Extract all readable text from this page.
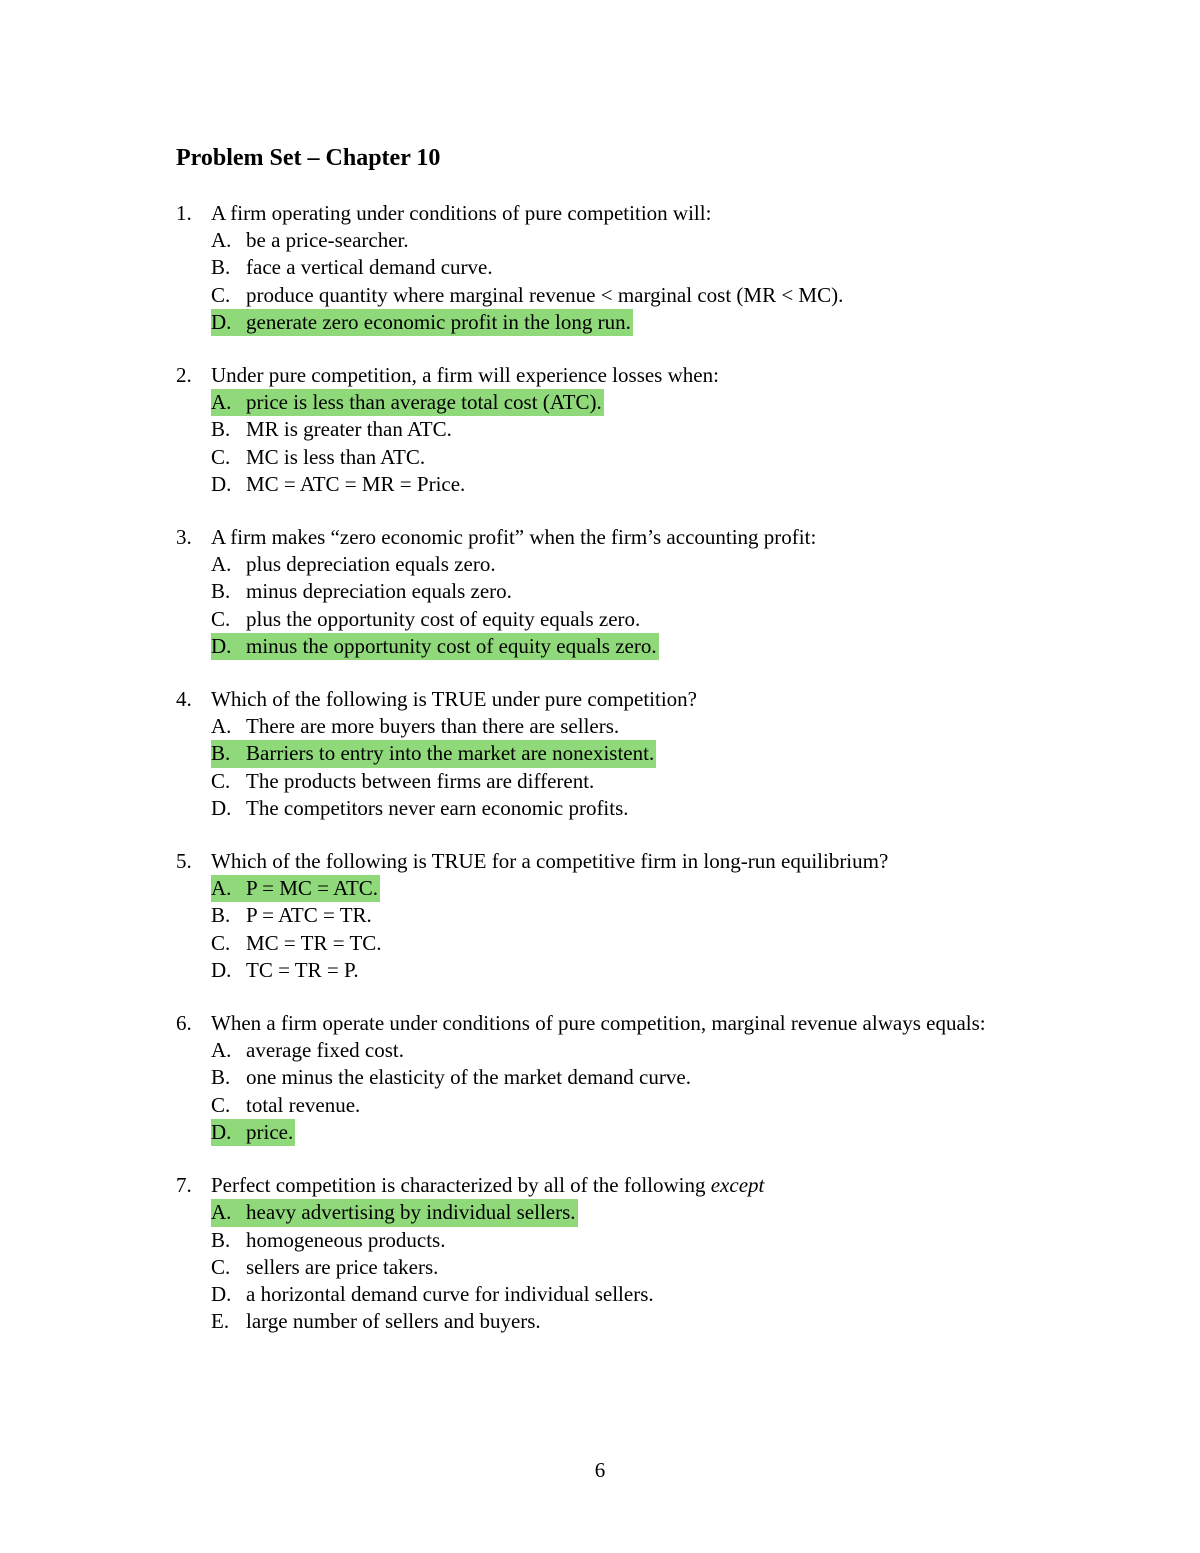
Problem Set – Chapter 10
1. A firm operating under conditions of pure competition will:
A. be a price-searcher.
B. face a vertical demand curve.
C. produce quantity where marginal revenue < marginal cost (MR < MC).
D. generate zero economic profit in the long run.
2. Under pure competition, a firm will experience losses when:
A. price is less than average total cost (ATC).
B. MR is greater than ATC.
C. MC is less than ATC.
D. MC = ATC = MR = Price.
3. A firm makes “zero economic profit” when the firm’s accounting profit:
A. plus depreciation equals zero.
B. minus depreciation equals zero.
C. plus the opportunity cost of equity equals zero.
D. minus the opportunity cost of equity equals zero.
4. Which of the following is TRUE under pure competition?
A. There are more buyers than there are sellers.
B. Barriers to entry into the market are nonexistent.
C. The products between firms are different.
D. The competitors never earn economic profits.
5. Which of the following is TRUE for a competitive firm in long-run equilibrium?
A. P = MC = ATC.
B. P = ATC = TR.
C. MC = TR = TC.
D. TC = TR = P.
6. When a firm operate under conditions of pure competition, marginal revenue always equals:
A. average fixed cost.
B. one minus the elasticity of the market demand curve.
C. total revenue.
D. price.
7. Perfect competition is characterized by all of the following except
A. heavy advertising by individual sellers.
B. homogeneous products.
C. sellers are price takers.
D. a horizontal demand curve for individual sellers.
E. large number of sellers and buyers.
6
